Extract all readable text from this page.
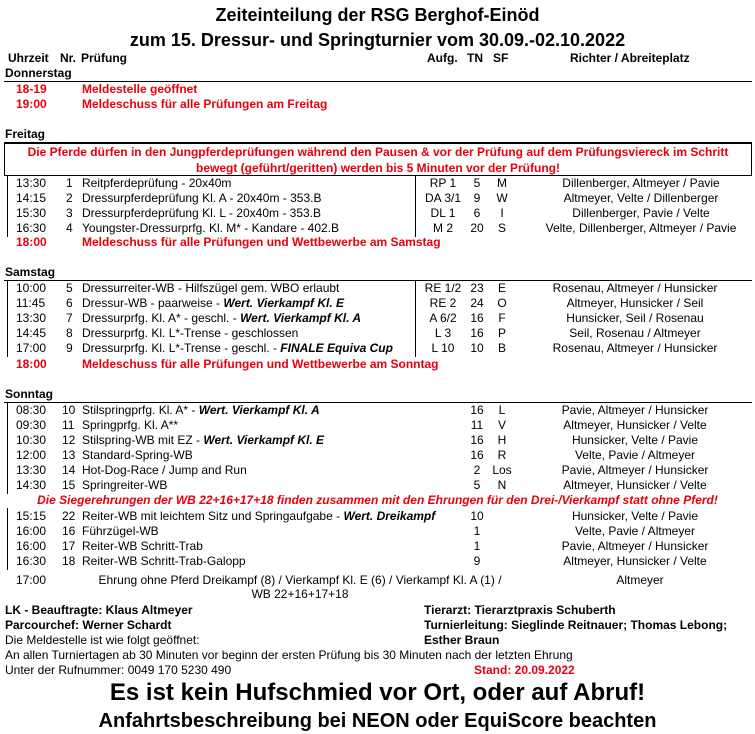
Zeiteinteilung der RSG Berghof-Einöd
zum 15. Dressur- und Springturnier vom 30.09.-02.10.2022
Uhrzeit Nr. Prüfung	Aufg. TN SF	Richter / Abreiteplatz
Donnerstag
18-19	Meldestelle geöffnet
19:00	Meldeschuss für alle Prüfungen am Freitag
Freitag
Die Pferde dürfen in den Jungpferdeprüfungen während den Pausen & vor der Prüfung auf dem Prüfungsviereck im Schritt
bewegt (geführt/geritten) werden bis 5 Minuten vor der Prüfung!
13:30 1 Reitpferdeprüfung - 20x40m	RP 1	5	M	Dillenberger, Altmeyer / Pavie
14:15 2 Dressurpferdeprüfung Kl. A - 20x40m - 353.B	DA 3/1	9	W	Altmeyer, Velte / Dillenberger
15:30 3 Dressurpferdeprüfung Kl. L - 20x40m - 353.B	DL 1	6	I	Dillenberger, Pavie / Velte
16:30 4 Youngster-Dressurprfg. Kl. M* - Kandare - 402.B	M 2	20	S	Velte, Dillenberger, Altmeyer / Pavie
18:00	Meldeschuss für alle Prüfungen und Wettbewerbe am Samstag
Samstag
10:00 5 Dressurreiter-WB - Hilfszügel gem. WBO erlaubt	RE 1/2 23	E	Rosenau, Altmeyer / Hunsicker
11:45 6 Dressur-WB - paarweise - Wert. Vierkampf Kl. E	RE 2	24	O	Altmeyer, Hunsicker / Seil
13:30 7 Dressurprfg. Kl. A* - geschl. - Wert. Vierkampf Kl. A	A 6/2	16	F	Hunsicker, Seil / Rosenau
14:45 8 Dressurprfg. Kl. L*-Trense - geschlossen	L 3	16	P	Seil, Rosenau / Altmeyer
17:00 9 Dressurprfg. Kl. L*-Trense - geschl. - FINALE Equiva Cup	L 10	10	B	Rosenau, Altmeyer / Hunsicker
18:00	Meldeschuss für alle Prüfungen und Wettbewerbe am Sonntag
Sonntag
08:30 10 Stilspringprfg. Kl. A* - Wert. Vierkampf Kl. A	16	L	Pavie, Altmeyer / Hunsicker
09:30 11 Springprfg. Kl. A**	11	V	Altmeyer, Hunsicker / Velte
10:30 12 Stilspring-WB mit EZ - Wert. Vierkampf Kl. E	16	H	Hunsicker, Velte / Pavie
12:00 13 Standard-Spring-WB	16	R	Velte, Pavie / Altmeyer
13:30 14 Hot-Dog-Race / Jump and Run	2 Los	Pavie, Altmeyer / Hunsicker
14:30 15 Springreiter-WB	5	N	Altmeyer, Hunsicker / Velte
Die Siegerehrungen der WB 22+16+17+18 finden zusammen mit den Ehrungen für den Drei-/Vierkampf statt ohne Pferd!
15:15 22 Reiter-WB mit leichtem Sitz und Springaufgabe - Wert. Dreikampf	10	Hunsicker, Velte / Pavie
16:00 16 Führzügel-WB	1	Velte, Pavie / Altmeyer
16:00 17 Reiter-WB Schritt-Trab	1	Pavie, Altmeyer / Hunsicker
16:30 18 Reiter-WB Schritt-Trab-Galopp	9	Altmeyer, Hunsicker / Velte
17:00	Ehrung ohne Pferd Dreikampf (8) / Vierkampf Kl. E (6) / Vierkampf Kl. A (1) /
WB 22+16+17+18
Altmeyer
LK - Beauftragte: Klaus Altmeyer
Parcourchef: Werner Schardt
Die Meldestelle ist wie folgt geöffnet:
An allen Turniertagen ab 30 Minuten vor beginn der ersten Prüfung bis 30 Minuten nach der letzten Ehrung
Unter der Rufnummer: 0049 170 5230 490
Tierarzt: Tierarztpraxis Schuberth
Turnierleitung: Sieglinde Reitnauer; Thomas Lebong;
Esther Braun
Stand: 20.09.2022
Es ist kein Hufschmied vor Ort, oder auf Abruf!
Anfahrtsbeschreibung bei NEON oder EquiScore beachten
